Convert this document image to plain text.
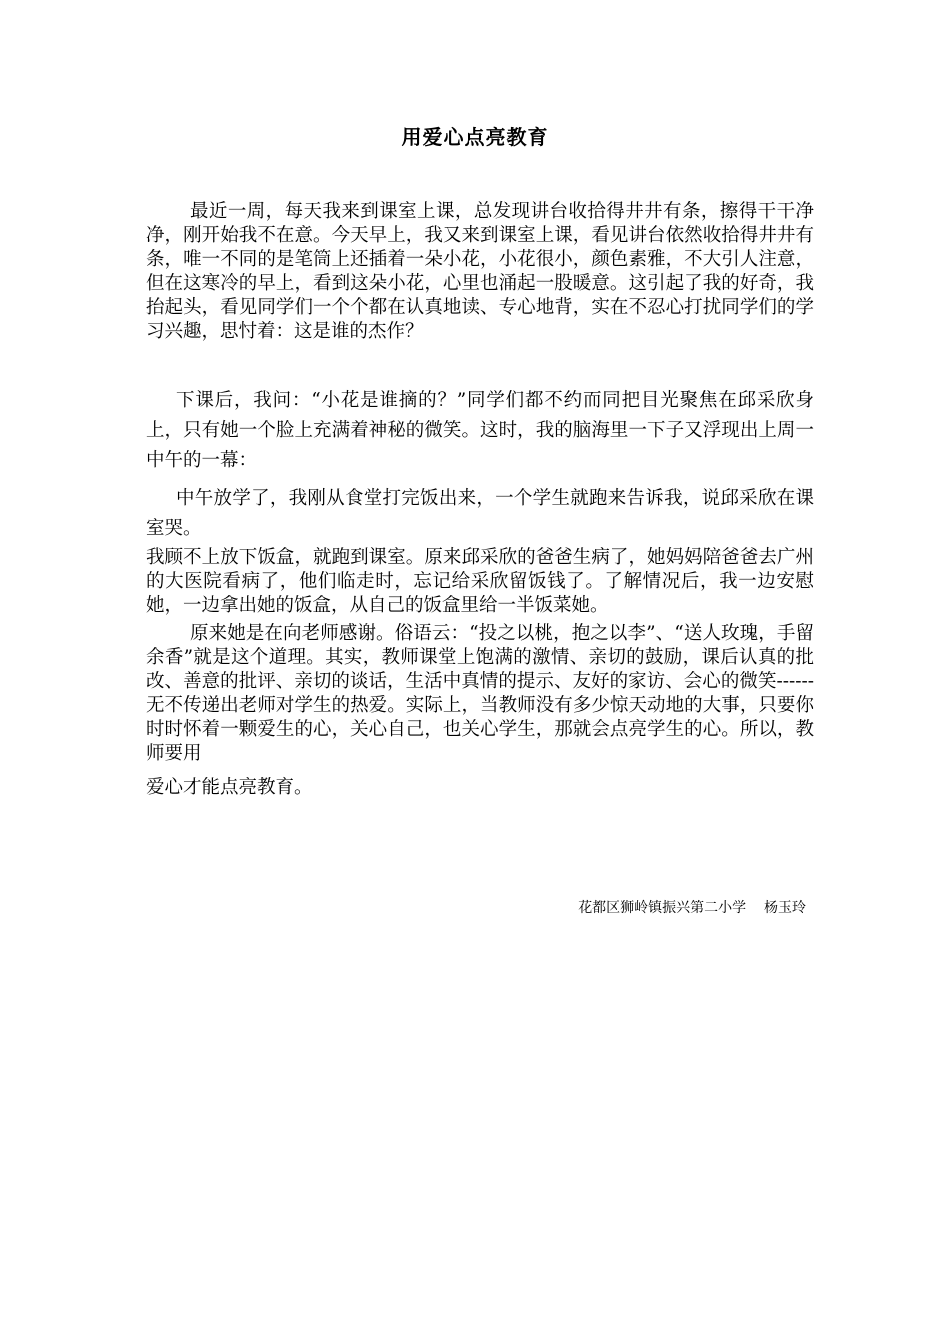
用爱心点亮教育

最近一周，每天我来到课室上课，总发现讲台收拾得井井有条，擦得干干净净，刚开始我不在意。今天早上，我又来到课室上课，看见讲台依然收拾得井井有条，唯一不同的是笔筒上还插着一朵小花，小花很小，颜色素雅，不大引人注意，但在这寒冷的早上，看到这朵小花，心里也涌起一股暖意。这引起了我的好奇，我抬起头，看见同学们一个个都在认真地读、专心地背，实在不忍心打扰同学们的学习兴趣，思忖着：这是谁的杰作？

下课后，我问：“小花是谁摘的？”同学们都不约而同把目光聚焦在邱采欣身上，只有她一个脸上充满着神秘的微笑。这时，我的脑海里一下子又浮现出上周一中午的一幕：

中午放学了，我刚从食堂打完饭出来，一个学生就跑来告诉我，说邱采欣在课室哭。

我顾不上放下饭盒，就跑到课室。原来邱采欣的爸爸生病了，她妈妈陪爸爸去广州的大医院看病了，他们临走时，忘记给采欣留饭钱了。了解情况后，我一边安慰她，一边拿出她的饭盒，从自己的饭盒里给一半饭菜她。

原来她是在向老师感谢。俗语云：“投之以桃，抱之以李”、“送人玫瑰，手留余香”就是这个道理。其实，教师课堂上饱满的激情、亲切的鼓励，课后认真的批改、善意的批评、亲切的谈话，生活中真情的提示、友好的家访、会心的微笑------无不传递出老师对学生的热爱。实际上，当教师没有多少惊天动地的大事，只要你时时怀着一颗爱生的心，关心自己，也关心学生，那就会点亮学生的心。所以，教师要用

爱心才能点亮教育。

花都区狮岭镇振兴第二小学    杨玉玲
